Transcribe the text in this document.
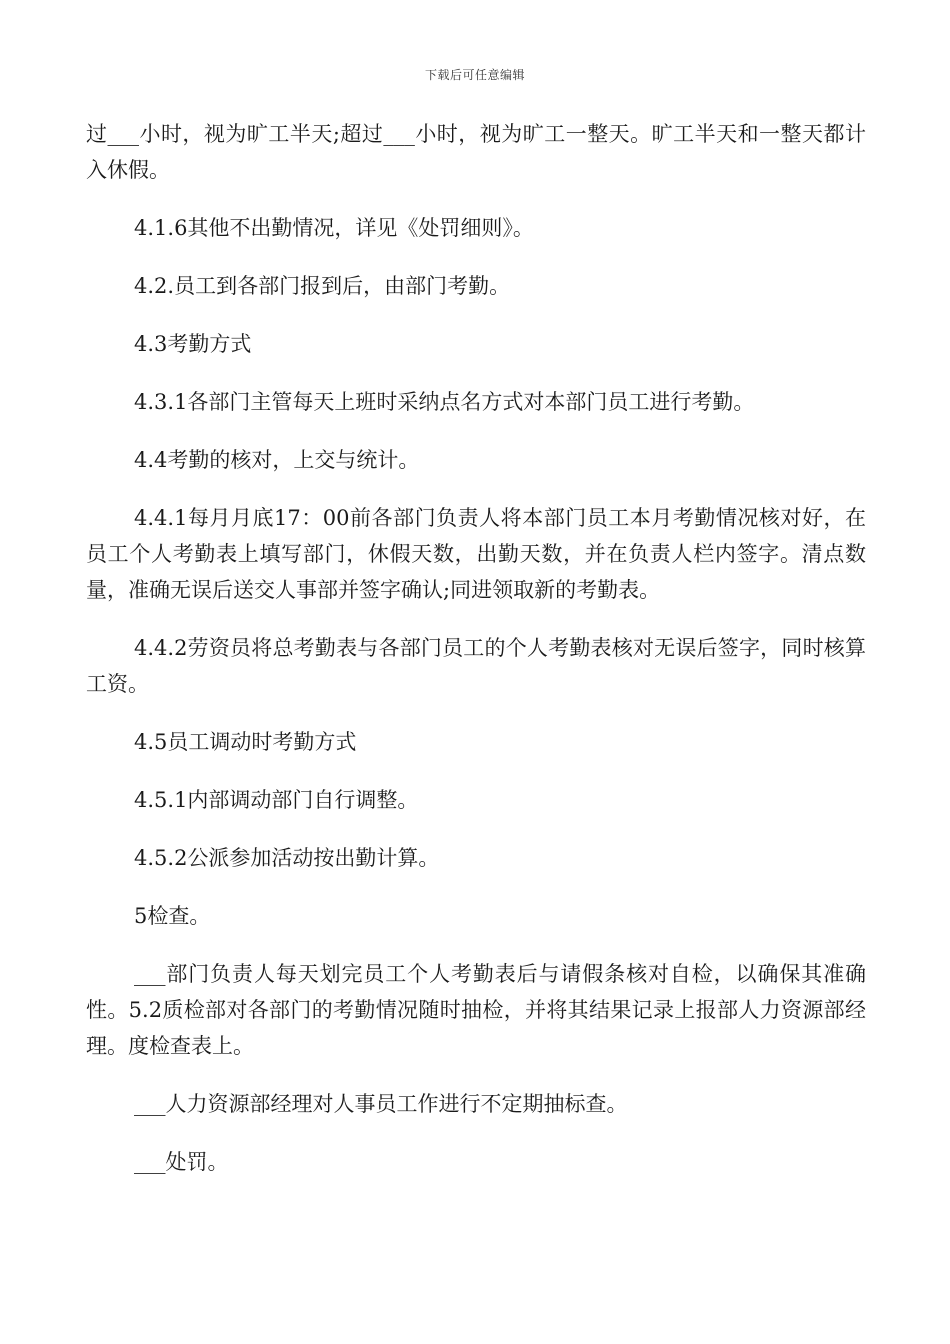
下载后可任意编辑

过___小时，视为旷工半天;超过___小时，视为旷工一整天。旷工半天和一整天都计入休假。

4.1.6其他不出勤情况，详见《处罚细则》。

4.2.员工到各部门报到后，由部门考勤。

4.3考勤方式

4.3.1各部门主管每天上班时采纳点名方式对本部门员工进行考勤。

4.4考勤的核对，上交与统计。

4.4.1每月月底17：00前各部门负责人将本部门员工本月考勤情况核对好，在员工个人考勤表上填写部门，休假天数，出勤天数，并在负责人栏内签字。清点数量，准确无误后送交人事部并签字确认;同进领取新的考勤表。

4.4.2劳资员将总考勤表与各部门员工的个人考勤表核对无误后签字，同时核算工资。

4.5员工调动时考勤方式

4.5.1内部调动部门自行调整。

4.5.2公派参加活动按出勤计算。

5检查。

___部门负责人每天划完员工个人考勤表后与请假条核对自检，以确保其准确性。5.2质检部对各部门的考勤情况随时抽检，并将其结果记录上报部人力资源部经理。度检查表上。

___人力资源部经理对人事员工作进行不定期抽标查。

___处罚。
